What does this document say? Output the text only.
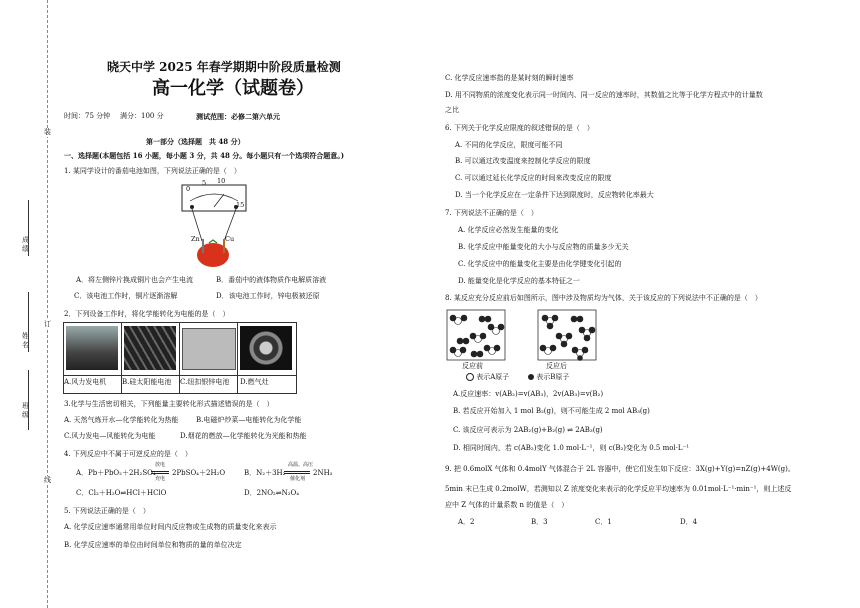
装
订
线
成绩
姓名
班级
晓天中学 2025 年春学期期中阶段质量检测
高一化学（试题卷）
时间：75 分钟 满分：100 分	测试范围：必修二第六单元
第一部分（选择题　共 48 分）
一、选择题(本题包括 16 小题，每小题 3 分，共 48 分。每小题只有一个选项符合题意。)
1. 某同学设计的番茄电池如图，下列说法正确的是（　）
0
5 10
15
Zn	Cu
A．将左侧锌片换成铜片也会产生电流	B．番茄中的液体物质作电解质溶液
C．该电池工作时，铜片逐渐溶解	D．该电池工作时，锌电极被还原
2．下列设备工作时，将化学能转化为电能的是（　）
A.风力发电机 B.硅太阳能电池 C.纽扣银锌电池 D.燃气灶
3.化学与生活密切相关，下列能量主要转化形式描述错误的是（　）
A. 天然气炼开水—化学能转化为热能 B.电磁炉炒菜—电能转化为化学能
C.风力发电—风能转化为电能	D.烟花的燃放—化学能转化为光能和热能
4. 下列反应中不属于可逆反应的是（　）
A．Pb＋PbO₂＋2H₂SO₄
放电
充电
2PbSO₄＋2H₂O	B．N₂＋3H₂
高温、高压
催化剂
2NH₃
C．Cl₂＋H₂O⇌HCl＋HClO	D．2NO₂⇌N₂O₄
5. 下列说法正确的是（　）
A. 化学反应速率通常用单位时间内反应物或生成物的质量变化来表示
B. 化学反应速率的单位由时间单位和物质的量的单位决定
C. 化学反应速率指的是某时刻的瞬时速率
D. 用不同物质的浓度变化表示同一时间内、同一反应的速率时，其数值之比等于化学方程式中的计量数
之比
6. 下列关于化学反应限度的叙述错误的是（　）
A. 不同的化学反应，限度可能不同
B. 可以通过改变温度来控制化学反应的限度
C. 可以通过延长化学反应的时间来改变反应的限度
D. 当一个化学反应在一定条件下达到限度时，反应物转化率最大
7. 下列说法不正确的是（　）
A. 化学反应必然发生能量的变化
B. 化学反应中能量变化的大小与反应物的质量多少无关
C. 化学反应中的能量变化主要是由化学键变化引起的
D. 能量变化是化学反应的基本特征之一
8. 某反应充分反应前后如图所示，图中涉及物质均为气体，关于该反应的下列说法中不正确的是（　）
反应前	反应后
表示A原子	表示B原子
A.反应速率：v(AB₂)=v(AB₃)，2v(AB₃)=v(B₂)
B. 若反应开始加入 1 mol B₂(g)，则不可能生成 2 mol AB₃(g)
C. 该反应可表示为 2AB₂(g)+B₂(g) ⇌ 2AB₃(g)
D. 相同时间内，若 c(AB₂)变化 1.0 mol·L⁻¹，则 c(B₂)变化为 0.5 mol·L⁻¹
9. 把 0.6molX 气体和 0.4molY 气体混合于 2L 容器中，使它们发生如下反应：3X(g)+Y(g)=nZ(g)+4W(g)。
5min 末已生成 0.2molW，若测知以 Z 浓度变化来表示的化学反应平均速率为 0.01mol·L⁻¹·min⁻¹，则上述反
应中 Z 气体的计量系数 n 的值是（　）
A．2	B．3	C．1	D．4
